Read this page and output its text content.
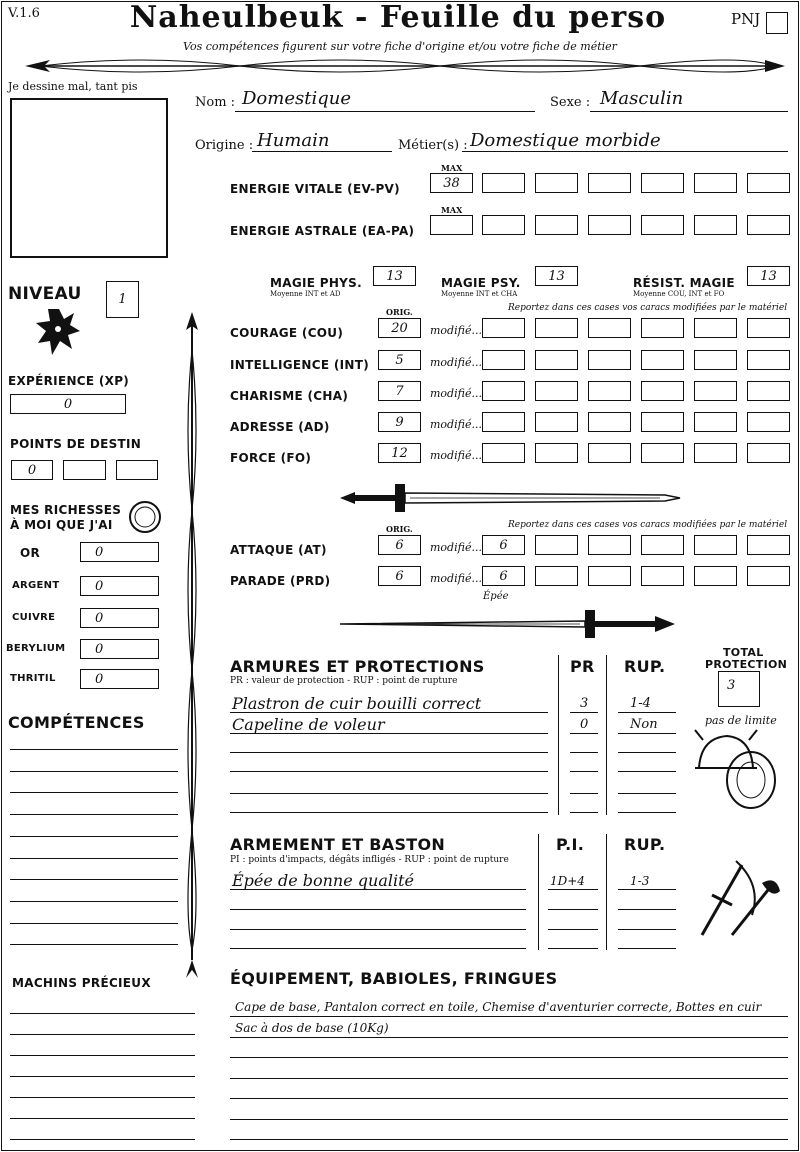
V.1.6	Naheulbeuk - Feuille du perso
Vos compétences figurent sur votre fiche d'origine et/ou votre fiche de métier
PNJ
Je dessine mal, tant pis
Nom : Domestique	Sexe : Masculin
Origine : Humain	Métier(s) : Domestique morbide
MAX
ENERGIE VITALE (EV-PV)	38
MAX
ENERGIE ASTRALE (EA-PA)
NIVEAU	1
MAGIE PHYS.
Moyenne INT et AD
13	MAGIE PSY.
Moyenne INT et CHA
13	RÉSIST. MAGIE
Moyenne COU, INT et FO
13
ORIG.	Reportez dans ces cases vos caracs modifiées par le matériel
COURAGE (COU)	20	modifié...
INTELLIGENCE (INT)	5	modifié...
CHARISME (CHA)	7	modifié...
ADRESSE (AD)	9	modifié...
FORCE (FO)	12	modifié...
ORIG.	Reportez dans ces cases vos caracs modifiées par le matériel
ATTAQUE (AT)	6	modifié...	6
PARADE (PRD)	6	modifié...	6
Épée
EXPÉRIENCE (XP)
0
POINTS DE DESTIN
0
MES RICHESSES
À MOI QUE J'AI
OR	0
ARGENT	0
CUIVRE	0
BERYLIUM	0
THRITIL	0
COMPÉTENCES
MACHINS PRÉCIEUX
ARMURES ET PROTECTIONS
PR : valeur de protection - RUP : point de rupture
PR RUP.
Plastron de cuir bouilli correct	3	1-4
Capeline de voleur	0	Non
TOTAL
PROTECTION
3
pas de limite
ARMEMENT ET BASTON
PI : points d'impacts, dégâts infligés - RUP : point de rupture
P.I. RUP.
Épée de bonne qualité	1D+4	1-3
ÉQUIPEMENT, BABIOLES, FRINGUES
Cape de base, Pantalon correct en toile, Chemise d'aventurier correcte, Bottes en cuir
Sac à dos de base (10Kg)
